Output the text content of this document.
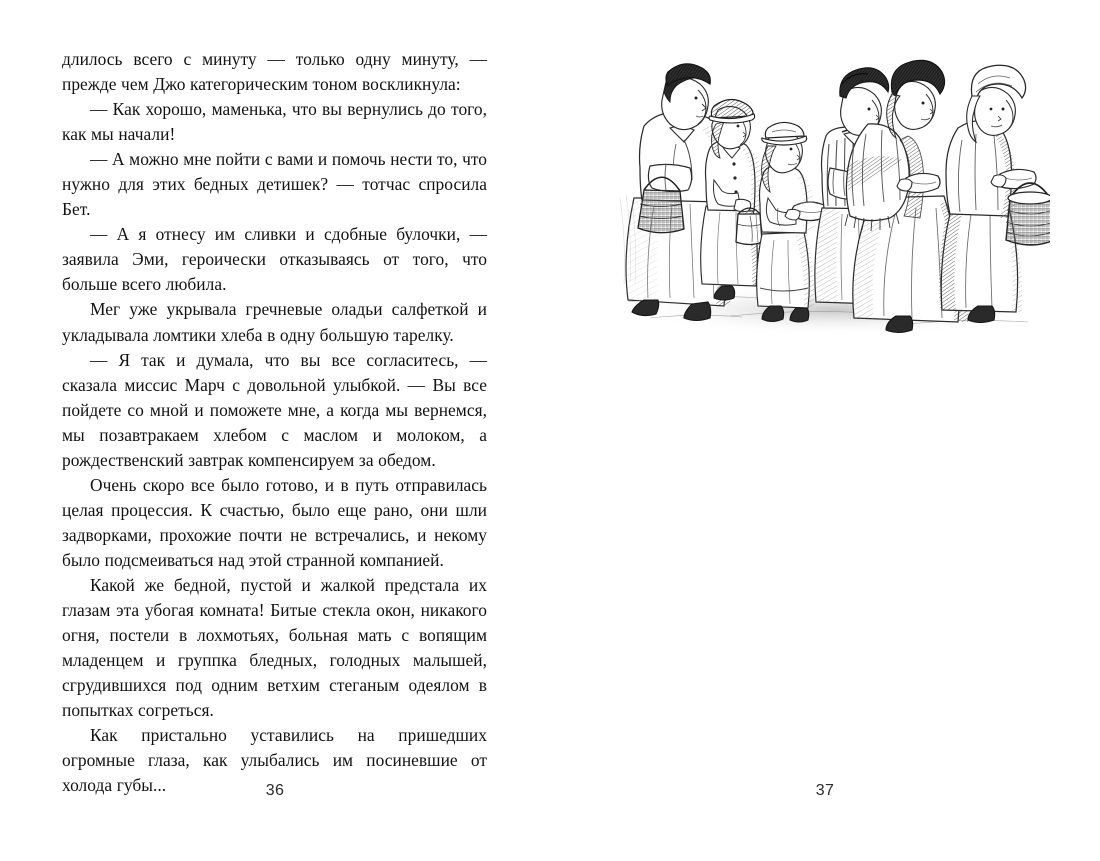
длилось всего с минуту — только одну минуту, — прежде чем Джо категорическим тоном воскликнула:

— Как хорошо, маменька, что вы вернулись до того, как мы начали!

— А можно мне пойти с вами и помочь нести то, что нужно для этих бедных детишек? — тотчас спросила Бет.

— А я отнесу им сливки и сдобные булочки, — заявила Эми, героически отказываясь от того, что больше всего любила.

Мег уже укрывала гречневые оладьи салфеткой и укладывала ломтики хлеба в одну большую тарелку.

— Я так и думала, что вы все согласитесь, — сказала миссис Марч с довольной улыбкой. — Вы все пойдете со мной и поможете мне, а когда мы вернемся, мы позавтракаем хлебом с маслом и молоком, а рождественский завтрак компенсируем за обедом.

Очень скоро все было готово, и в путь отправилась целая процессия. К счастью, было еще рано, они шли задворками, прохожие почти не встречались, и некому было подсмеиваться над этой странной компанией.

Какой же бедной, пустой и жалкой предстала их глазам эта убогая комната! Битые стекла окон, никакого огня, постели в лохмотьях, больная мать с вопящим младенцем и группка бледных, голодных малышей, сгрудившихся под одним ветхим стеганым одеялом в попытках согреться.

Как пристально уставились на пришедших огромные глаза, как улыбались им посиневшие от холода губы...	36	37
